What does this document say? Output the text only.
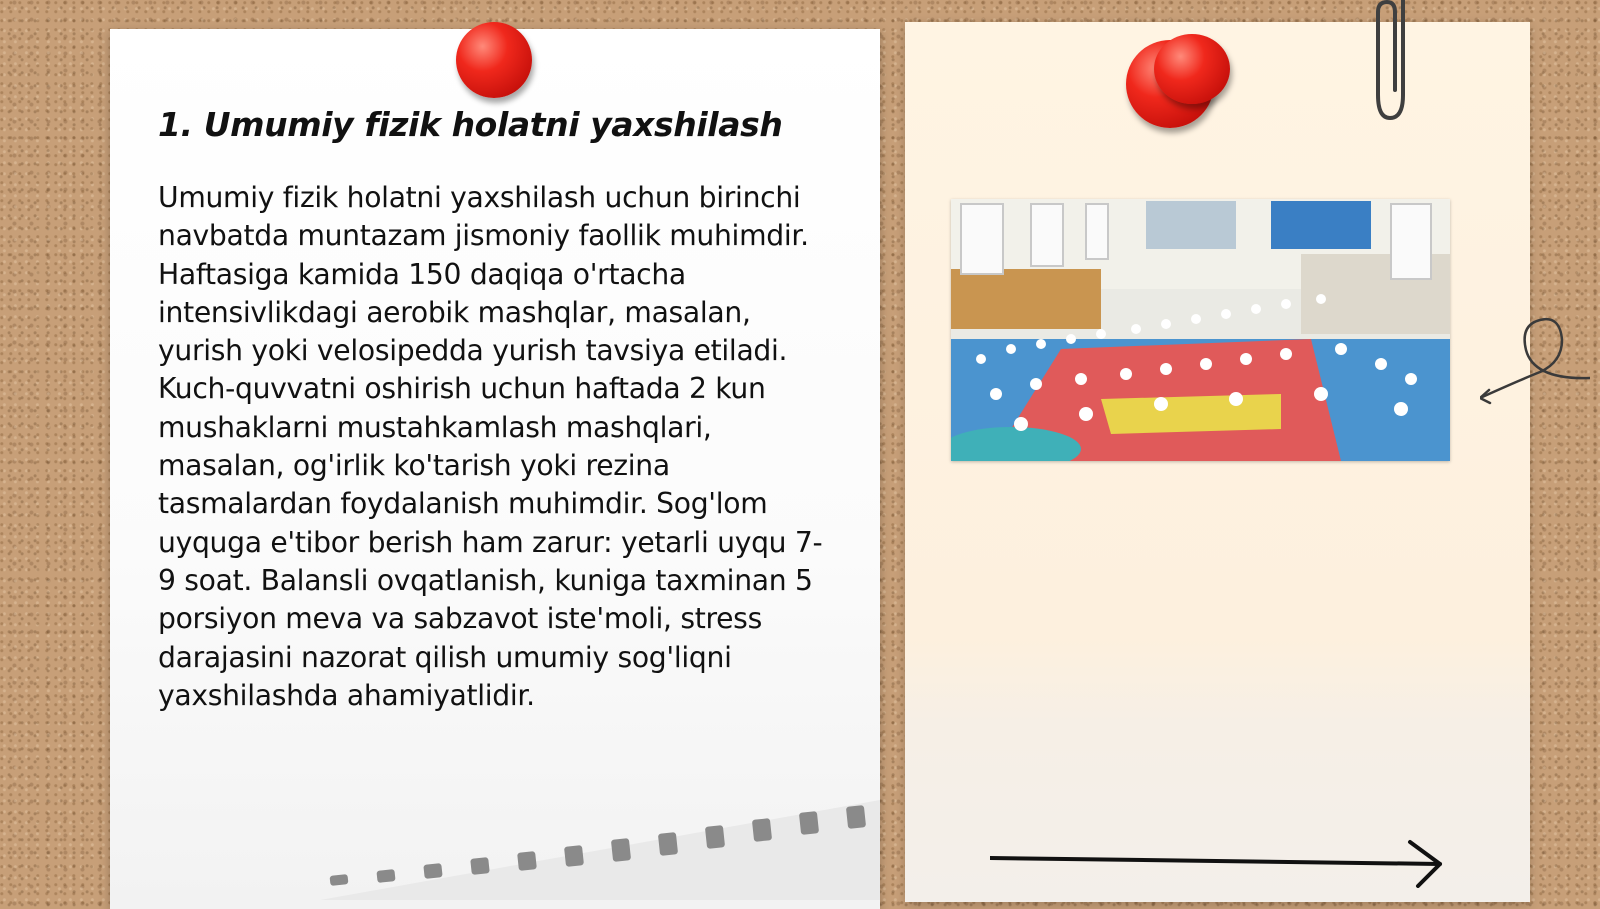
1. Umumiy fizik holatni yaxshilash

Umumiy fizik holatni yaxshilash uchun birinchi navbatda muntazam jismoniy faollik muhimdir. Haftasiga kamida 150 daqiqa o'rtacha intensivlikdagi aerobik mashqlar, masalan, yurish yoki velosipedda yurish tavsiya etiladi. Kuch-quvvatni oshirish uchun haftada 2 kun mushaklarni mustahkamlash mashqlari, masalan, og'irlik ko'tarish yoki rezina tasmalardan foydalanish muhimdir. Sog'lom uyquga e'tibor berish ham zarur: yetarli uyqu 7-9 soat. Balansli ovqatlanish, kuniga taxminan 5 porsiyon meva va sabzavot iste'moli, stress darajasini nazorat qilish umumiy sog'liqni yaxshilashda ahamiyatlidir.
